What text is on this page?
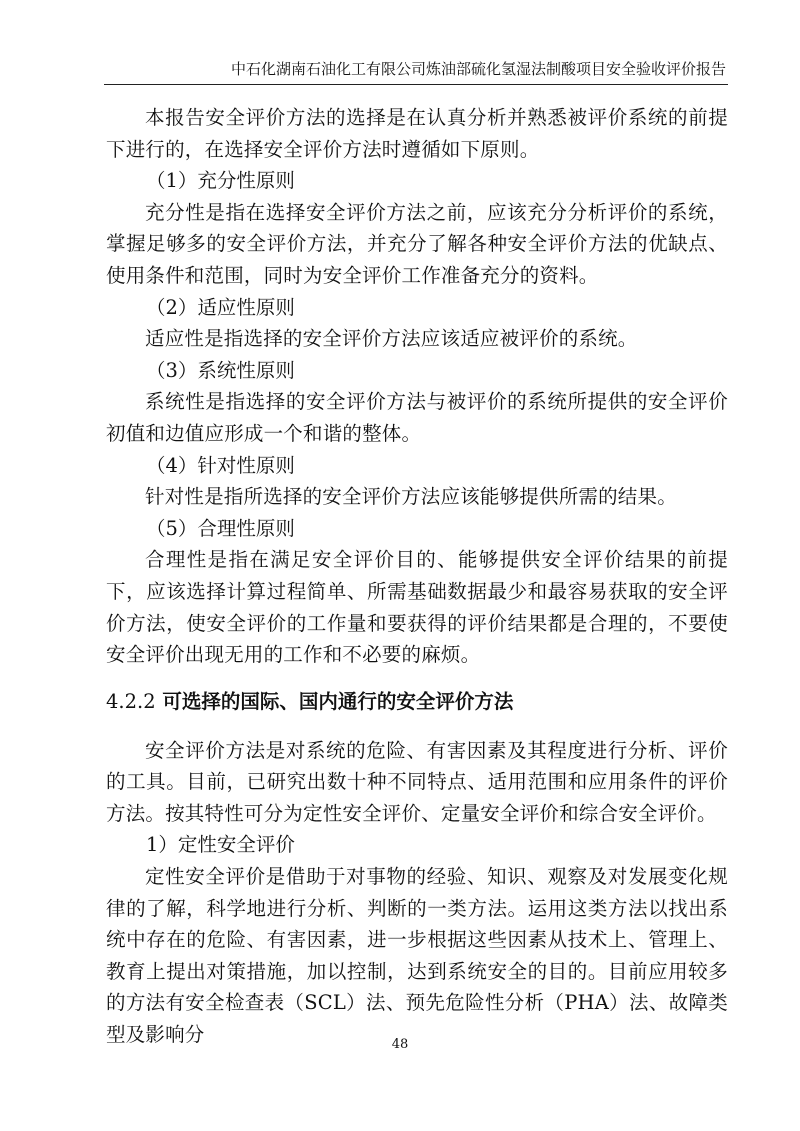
中石化湖南石油化工有限公司炼油部硫化氢湿法制酸项目安全验收评价报告

本报告安全评价方法的选择是在认真分析并熟悉被评价系统的前提下进行的，在选择安全评价方法时遵循如下原则。

（1）充分性原则

充分性是指在选择安全评价方法之前，应该充分分析评价的系统，掌握足够多的安全评价方法，并充分了解各种安全评价方法的优缺点、使用条件和范围，同时为安全评价工作准备充分的资料。

（2）适应性原则

适应性是指选择的安全评价方法应该适应被评价的系统。

（3）系统性原则

系统性是指选择的安全评价方法与被评价的系统所提供的安全评价初值和边值应形成一个和谐的整体。

（4）针对性原则

针对性是指所选择的安全评价方法应该能够提供所需的结果。

（5）合理性原则

合理性是指在满足安全评价目的、能够提供安全评价结果的前提下，应该选择计算过程简单、所需基础数据最少和最容易获取的安全评价方法，使安全评价的工作量和要获得的评价结果都是合理的，不要使安全评价出现无用的工作和不必要的麻烦。

4.2.2 可选择的国际、国内通行的安全评价方法

安全评价方法是对系统的危险、有害因素及其程度进行分析、评价的工具。目前，已研究出数十种不同特点、适用范围和应用条件的评价方法。按其特性可分为定性安全评价、定量安全评价和综合安全评价。

1）定性安全评价

定性安全评价是借助于对事物的经验、知识、观察及对发展变化规律的了解，科学地进行分析、判断的一类方法。运用这类方法以找出系统中存在的危险、有害因素，进一步根据这些因素从技术上、管理上、教育上提出对策措施，加以控制，达到系统安全的目的。目前应用较多的方法有安全检查表（SCL）法、预先危险性分析（PHA）法、故障类型及影响分	48
